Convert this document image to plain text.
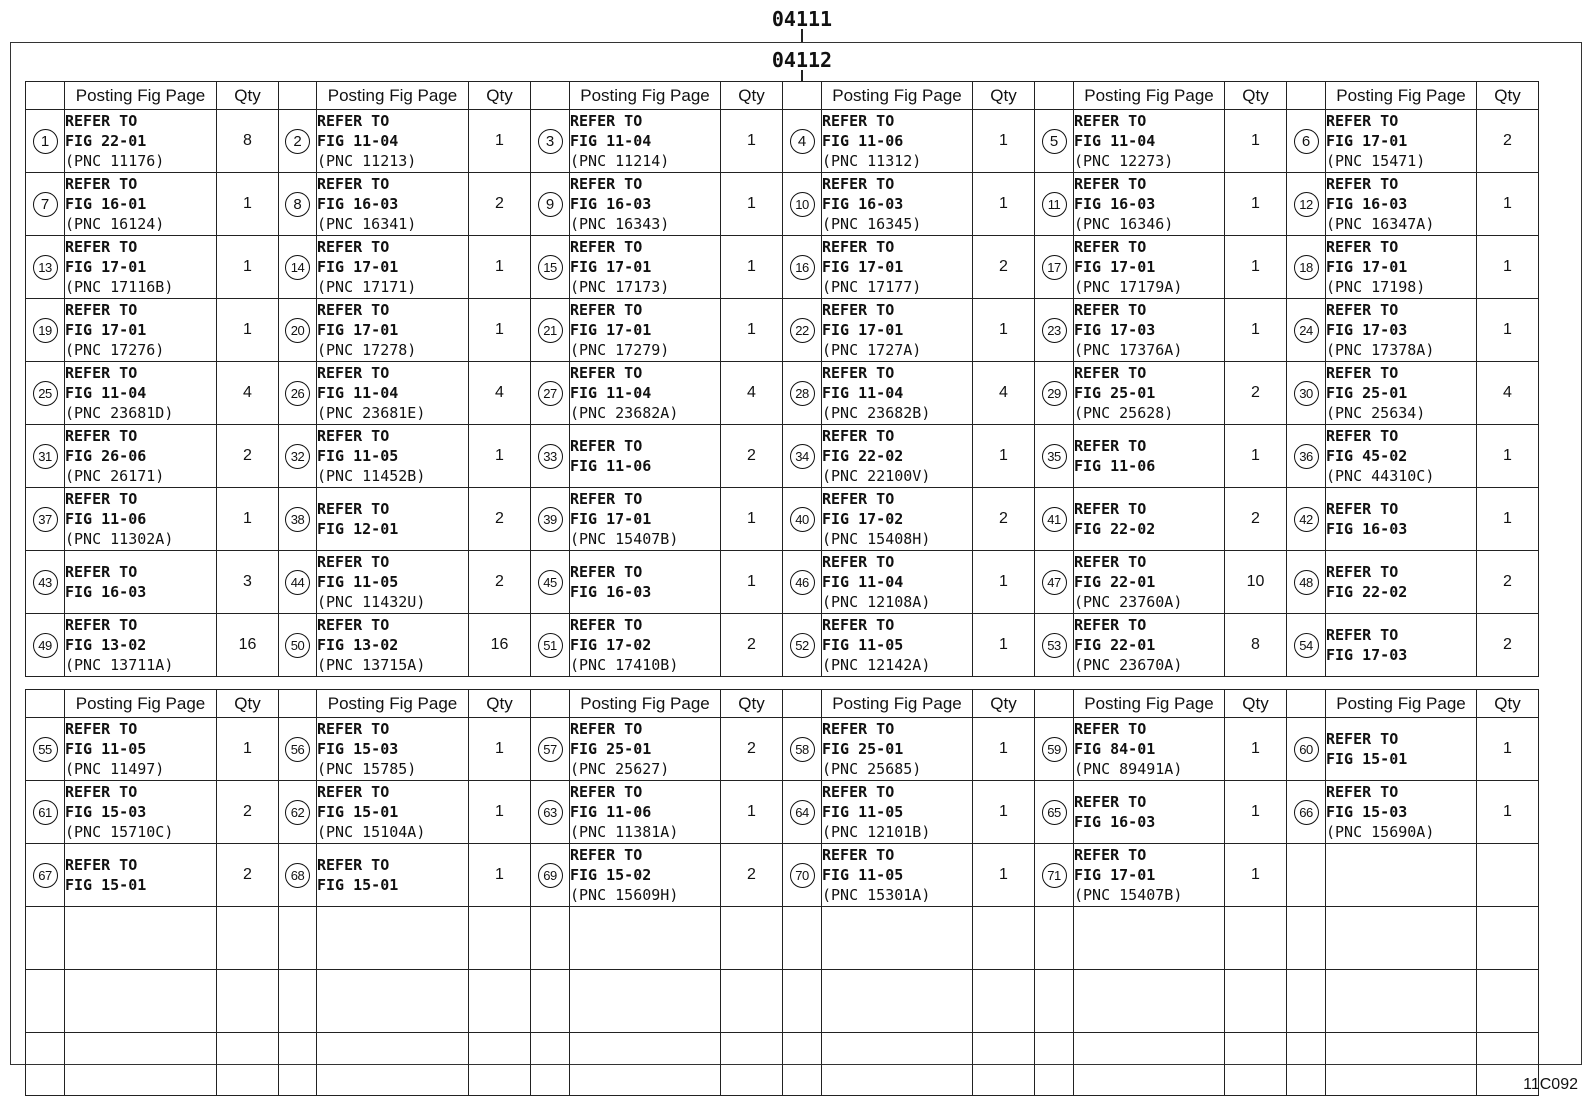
04111
04112
	Posting Fig Page	Qty		Posting Fig Page	Qty		Posting Fig Page	Qty		Posting Fig Page	Qty		Posting Fig Page	Qty		Posting Fig Page	Qty
1	REFER TO
FIG 22-01
(PNC 11176)	8	2	REFER TO
FIG 11-04
(PNC 11213)	1	3	REFER TO
FIG 11-04
(PNC 11214)	1	4	REFER TO
FIG 11-06
(PNC 11312)	1	5	REFER TO
FIG 11-04
(PNC 12273)	1	6	REFER TO
FIG 17-01
(PNC 15471)	2
7	REFER TO
FIG 16-01
(PNC 16124)	1	8	REFER TO
FIG 16-03
(PNC 16341)	2	9	REFER TO
FIG 16-03
(PNC 16343)	1	10	REFER TO
FIG 16-03
(PNC 16345)	1	11	REFER TO
FIG 16-03
(PNC 16346)	1	12	REFER TO
FIG 16-03
(PNC 16347A)	1
13	REFER TO
FIG 17-01
(PNC 17116B)	1	14	REFER TO
FIG 17-01
(PNC 17171)	1	15	REFER TO
FIG 17-01
(PNC 17173)	1	16	REFER TO
FIG 17-01
(PNC 17177)	2	17	REFER TO
FIG 17-01
(PNC 17179A)	1	18	REFER TO
FIG 17-01
(PNC 17198)	1
19	REFER TO
FIG 17-01
(PNC 17276)	1	20	REFER TO
FIG 17-01
(PNC 17278)	1	21	REFER TO
FIG 17-01
(PNC 17279)	1	22	REFER TO
FIG 17-01
(PNC 1727A)	1	23	REFER TO
FIG 17-03
(PNC 17376A)	1	24	REFER TO
FIG 17-03
(PNC 17378A)	1
25	REFER TO
FIG 11-04
(PNC 23681D)	4	26	REFER TO
FIG 11-04
(PNC 23681E)	4	27	REFER TO
FIG 11-04
(PNC 23682A)	4	28	REFER TO
FIG 11-04
(PNC 23682B)	4	29	REFER TO
FIG 25-01
(PNC 25628)	2	30	REFER TO
FIG 25-01
(PNC 25634)	4
31	REFER TO
FIG 26-06
(PNC 26171)	2	32	REFER TO
FIG 11-05
(PNC 11452B)	1	33	REFER TO
FIG 11-06	2	34	REFER TO
FIG 22-02
(PNC 22100V)	1	35	REFER TO
FIG 11-06	1	36	REFER TO
FIG 45-02
(PNC 44310C)	1
37	REFER TO
FIG 11-06
(PNC 11302A)	1	38	REFER TO
FIG 12-01	2	39	REFER TO
FIG 17-01
(PNC 15407B)	1	40	REFER TO
FIG 17-02
(PNC 15408H)	2	41	REFER TO
FIG 22-02	2	42	REFER TO
FIG 16-03	1
43	REFER TO
FIG 16-03	3	44	REFER TO
FIG 11-05
(PNC 11432U)	2	45	REFER TO
FIG 16-03	1	46	REFER TO
FIG 11-04
(PNC 12108A)	1	47	REFER TO
FIG 22-01
(PNC 23760A)	10	48	REFER TO
FIG 22-02	2
49	REFER TO
FIG 13-02
(PNC 13711A)	16	50	REFER TO
FIG 13-02
(PNC 13715A)	16	51	REFER TO
FIG 17-02
(PNC 17410B)	2	52	REFER TO
FIG 11-05
(PNC 12142A)	1	53	REFER TO
FIG 22-01
(PNC 23670A)	8	54	REFER TO
FIG 17-03	2
	Posting Fig Page	Qty		Posting Fig Page	Qty		Posting Fig Page	Qty		Posting Fig Page	Qty		Posting Fig Page	Qty		Posting Fig Page	Qty
55	REFER TO
FIG 11-05
(PNC 11497)	1	56	REFER TO
FIG 15-03
(PNC 15785)	1	57	REFER TO
FIG 25-01
(PNC 25627)	2	58	REFER TO
FIG 25-01
(PNC 25685)	1	59	REFER TO
FIG 84-01
(PNC 89491A)	1	60	REFER TO
FIG 15-01	1
61	REFER TO
FIG 15-03
(PNC 15710C)	2	62	REFER TO
FIG 15-01
(PNC 15104A)	1	63	REFER TO
FIG 11-06
(PNC 11381A)	1	64	REFER TO
FIG 11-05
(PNC 12101B)	1	65	REFER TO
FIG 16-03	1	66	REFER TO
FIG 15-03
(PNC 15690A)	1
67	REFER TO
FIG 15-01	2	68	REFER TO
FIG 15-01	1	69	REFER TO
FIG 15-02
(PNC 15609H)	2	70	REFER TO
FIG 11-05
(PNC 15301A)	1	71	REFER TO
FIG 17-01
(PNC 15407B)	1			

11C092
